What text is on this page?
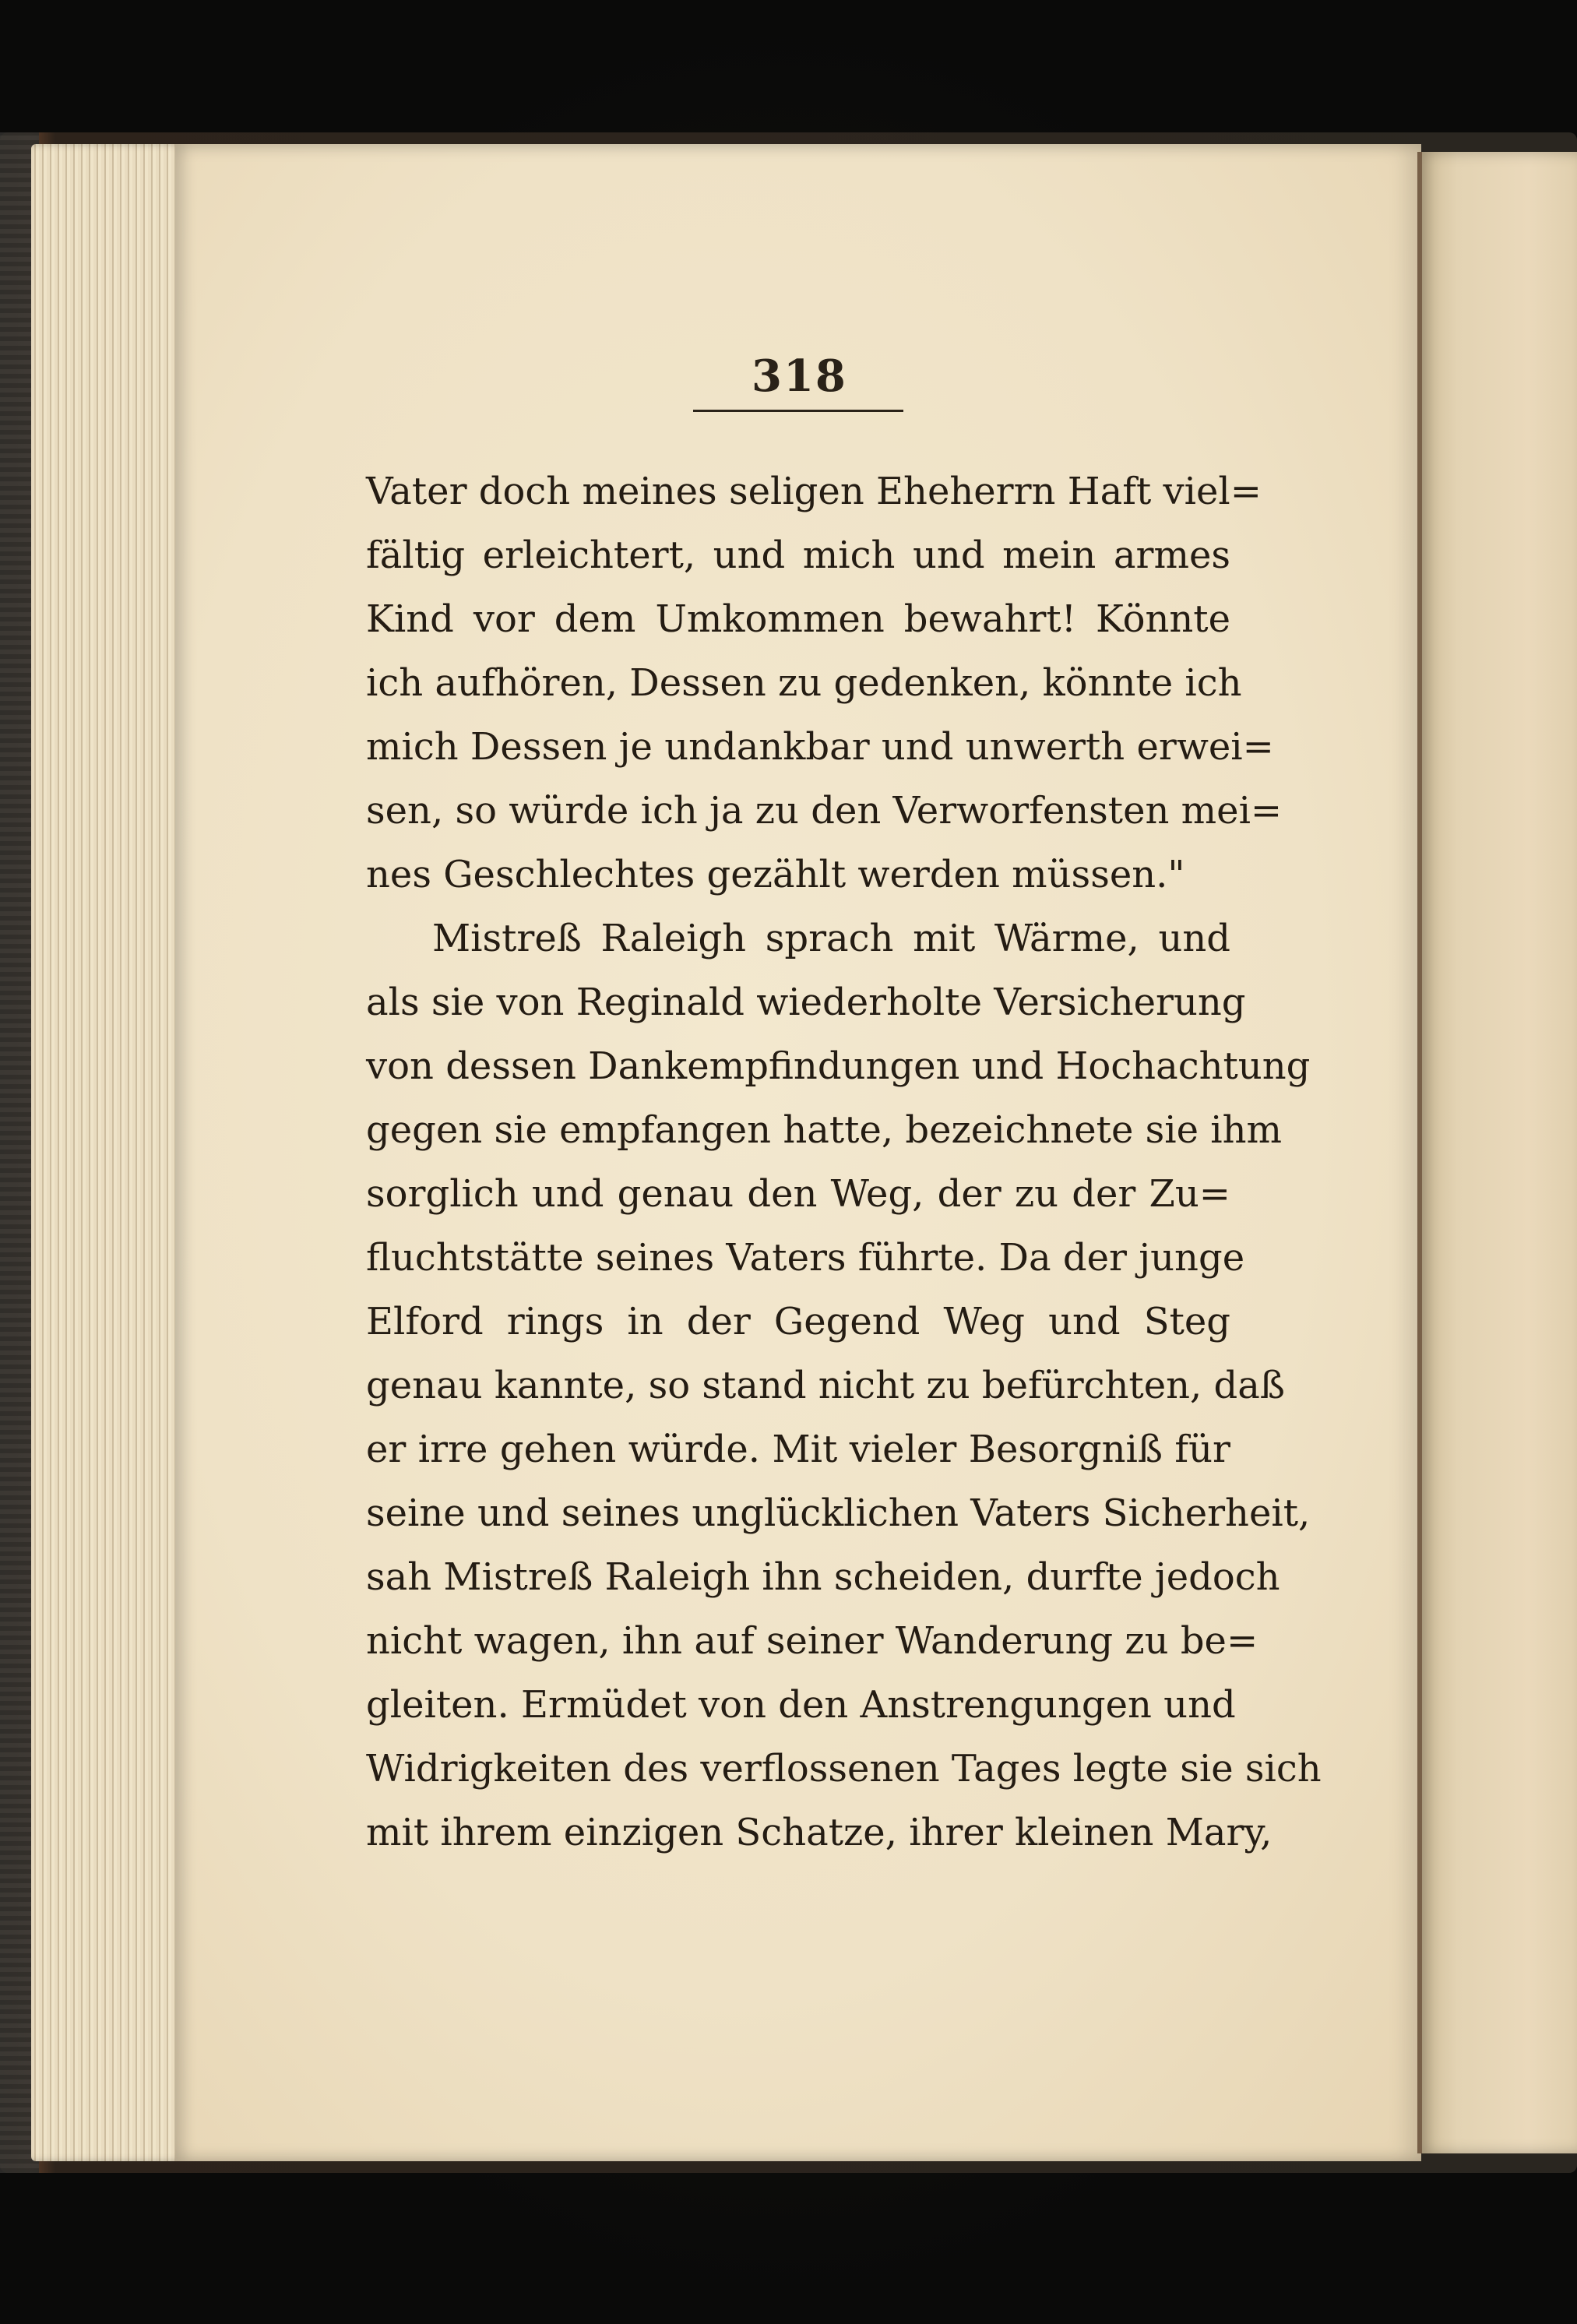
318
Vater doch meines seligen Eheherrn Haft viel=
fältig erleichtert, und mich und mein armes
Kind vor dem Umkommen bewahrt! Könnte
ich aufhören, Dessen zu gedenken, könnte ich
mich Dessen je undankbar und unwerth erwei=
sen, so würde ich ja zu den Verworfensten mei=
nes Geschlechtes gezählt werden müssen."
Mistreß Raleigh sprach mit Wärme, und
als sie von Reginald wiederholte Versicherung
von dessen Dankempfindungen und Hochachtung
gegen sie empfangen hatte, bezeichnete sie ihm
sorglich und genau den Weg, der zu der Zu=
fluchtstätte seines Vaters führte. Da der junge
Elford rings in der Gegend Weg und Steg
genau kannte, so stand nicht zu befürchten, daß
er irre gehen würde. Mit vieler Besorgniß für
seine und seines unglücklichen Vaters Sicherheit,
sah Mistreß Raleigh ihn scheiden, durfte jedoch
nicht wagen, ihn auf seiner Wanderung zu be=
gleiten. Ermüdet von den Anstrengungen und
Widrigkeiten des verflossenen Tages legte sie sich
mit ihrem einzigen Schatze, ihrer kleinen Mary,
